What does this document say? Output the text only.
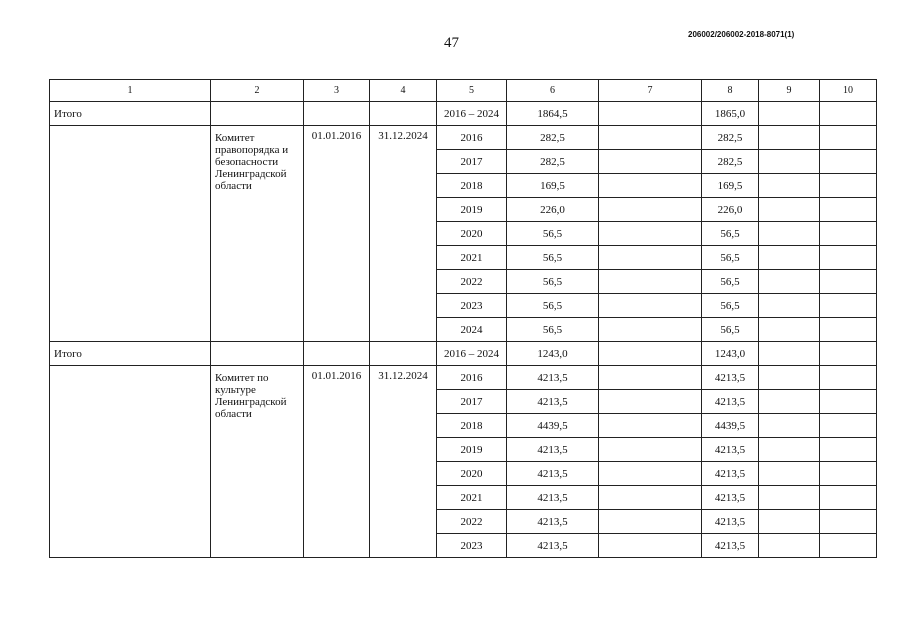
47
206002/206002-2018-8071(1)
1	2	3	4	5	6	7	8	9	10
Итого				2016 – 2024	1864,5		1865,0		
	Комитет правопорядка и безопасности Ленинградской области	01.01.2016	31.12.2024	2016	282,5		282,5		
				2017	282,5		282,5		
				2018	169,5		169,5		
				2019	226,0		226,0		
				2020	56,5		56,5		
				2021	56,5		56,5		
				2022	56,5		56,5		
				2023	56,5		56,5		
				2024	56,5		56,5		
Итого				2016 – 2024	1243,0		1243,0		
	Комитет по культуре Ленинградской области	01.01.2016	31.12.2024	2016	4213,5		4213,5		
				2017	4213,5		4213,5		
				2018	4439,5		4439,5		
				2019	4213,5		4213,5		
				2020	4213,5		4213,5		
				2021	4213,5		4213,5		
				2022	4213,5		4213,5		
				2023	4213,5		4213,5		
